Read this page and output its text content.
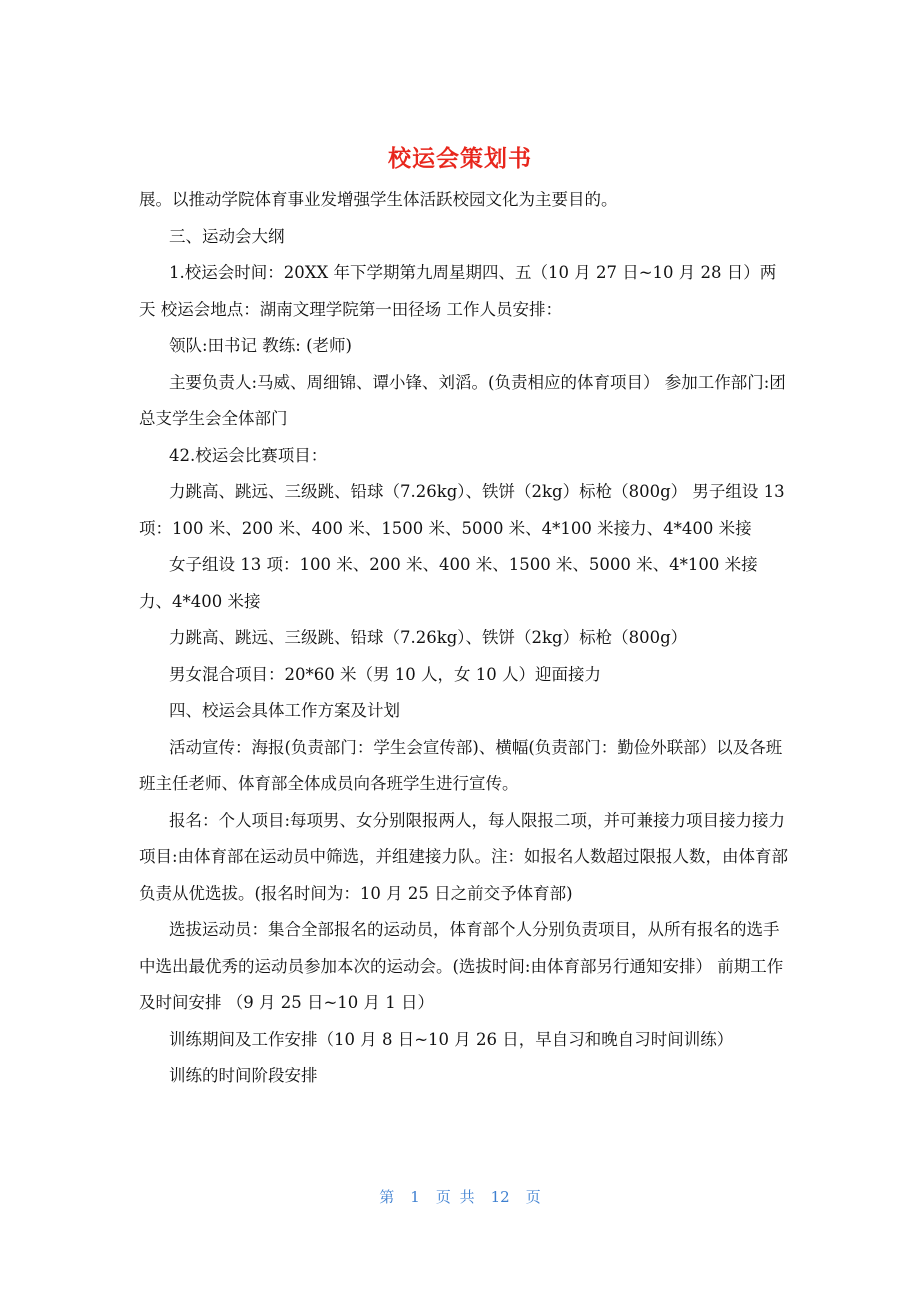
校运会策划书
展。以推动学院体育事业发增强学生体活跃校园文化为主要目的。
三、运动会大纲
1.校运会时间：20XX 年下学期第九周星期四、五（10 月 27 日~10 月 28 日）两天 校运会地点：湖南文理学院第一田径场 工作人员安排：
领队:田书记 教练: (老师)
主要负责人:马威、周细锦、谭小锋、刘滔。(负责相应的体育项目） 参加工作部门:团总支学生会全体部门
42.校运会比赛项目：
力跳高、跳远、三级跳、铅球（7.26kg）、铁饼（2kg）标枪（800g） 男子组设 13 项：100 米、200 米、400 米、1500 米、5000 米、4*100 米接力、4*400 米接
女子组设 13 项：100 米、200 米、400 米、1500 米、5000 米、4*100 米接力、4*400 米接
力跳高、跳远、三级跳、铅球（7.26kg）、铁饼（2kg）标枪（800g）
男女混合项目：20*60 米（男 10 人，女 10 人）迎面接力
四、校运会具体工作方案及计划
活动宣传：海报(负责部门：学生会宣传部)、横幅(负责部门：勤俭外联部）以及各班班主任老师、体育部全体成员向各班学生进行宣传。
报名：个人项目:每项男、女分别限报两人，每人限报二项，并可兼接力项目接力接力项目:由体育部在运动员中筛选，并组建接力队。注：如报名人数超过限报人数，由体育部负责从优选拔。(报名时间为：10 月 25 日之前交予体育部)
选拔运动员：集合全部报名的运动员，体育部个人分别负责项目，从所有报名的选手中选出最优秀的运动员参加本次的运动会。(选拔时间:由体育部另行通知安排） 前期工作及时间安排 （9 月 25 日~10 月 1 日）
训练期间及工作安排（10 月 8 日~10 月 26 日，早自习和晚自习时间训练）
训练的时间阶段安排
第 1 页 共 12 页
